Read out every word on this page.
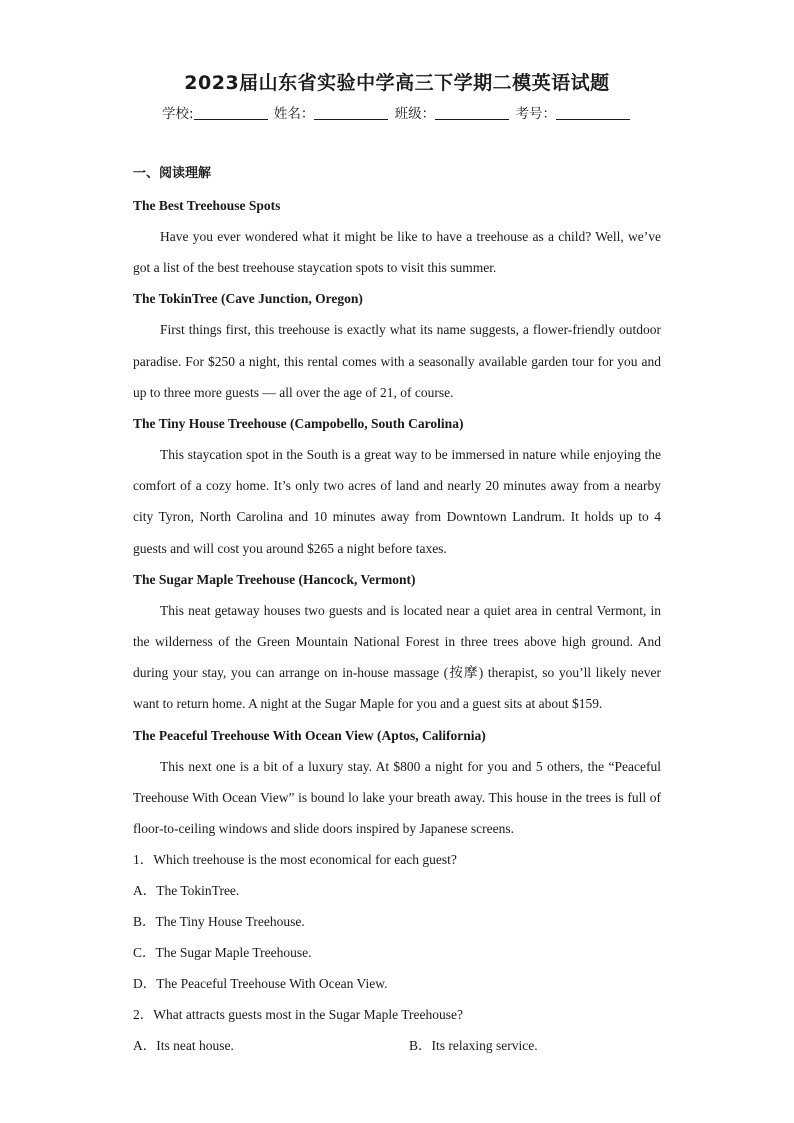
2023届山东省实验中学高三下学期二模英语试题
学校:	姓名：	班级：	考号：
一、阅读理解
The Best Treehouse Spots
Have you ever wondered what it might be like to have a treehouse as a child? Well, we’ve got a list of the best treehouse staycation spots to visit this summer.
The TokinTree (Cave Junction, Oregon)
First things first, this treehouse is exactly what its name suggests, a flower-friendly outdoor paradise. For $250 a night, this rental comes with a seasonally available garden tour for you and up to three more guests — all over the age of 21, of course.
The Tiny House Treehouse (Campobello, South Carolina)
This staycation spot in the South is a great way to be immersed in nature while enjoying the comfort of a cozy home. It’s only two acres of land and nearly 20 minutes away from a nearby city Tyron, North Carolina and 10 minutes away from Downtown Landrum. It holds up to 4 guests and will cost you around $265 a night before taxes.
The Sugar Maple Treehouse (Hancock, Vermont)
This neat getaway houses two guests and is located near a quiet area in central Vermont, in the wilderness of the Green Mountain National Forest in three trees above high ground. And during your stay, you can arrange on in-house massage (按摩) therapist, so you’ll likely never want to return home. A night at the Sugar Maple for you and a guest sits at about $159.
The Peaceful Treehouse With Ocean View (Aptos, California)
This next one is a bit of a luxury stay. At $800 a night for you and 5 others, the “Peaceful Treehouse With Ocean View” is bound lo lake your breath away. This house in the trees is full of floor-to-ceiling windows and slide doors inspired by Japanese screens.
1．Which treehouse is the most economical for each guest?
A．The TokinTree.
B．The Tiny House Treehouse.
C．The Sugar Maple Treehouse.
D．The Peaceful Treehouse With Ocean View.
2．What attracts guests most in the Sugar Maple Treehouse?
A．Its neat house.	B．Its relaxing service.
